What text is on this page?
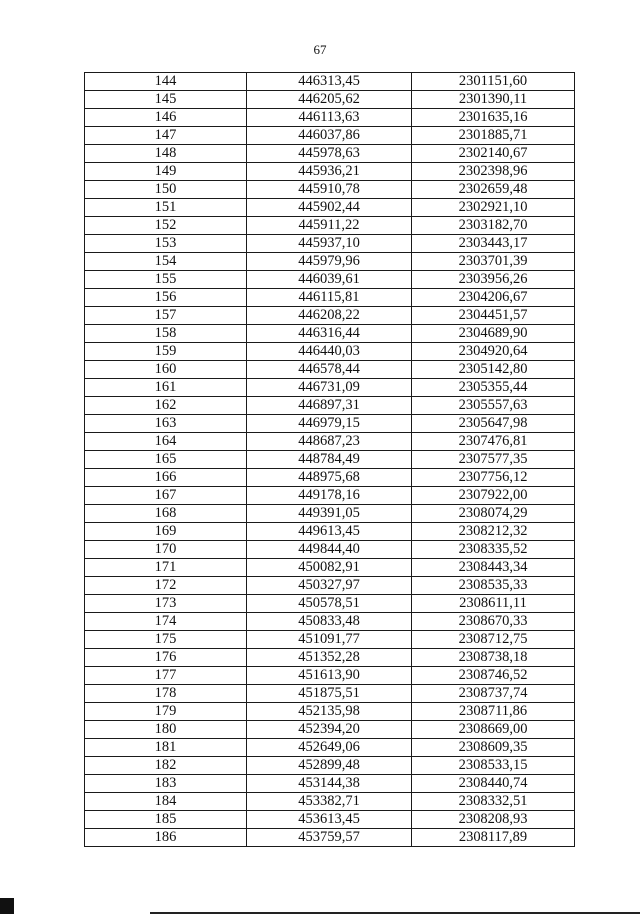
67
144	446313,45	2301151,60
145	446205,62	2301390,11
146	446113,63	2301635,16
147	446037,86	2301885,71
148	445978,63	2302140,67
149	445936,21	2302398,96
150	445910,78	2302659,48
151	445902,44	2302921,10
152	445911,22	2303182,70
153	445937,10	2303443,17
154	445979,96	2303701,39
155	446039,61	2303956,26
156	446115,81	2304206,67
157	446208,22	2304451,57
158	446316,44	2304689,90
159	446440,03	2304920,64
160	446578,44	2305142,80
161	446731,09	2305355,44
162	446897,31	2305557,63
163	446979,15	2305647,98
164	448687,23	2307476,81
165	448784,49	2307577,35
166	448975,68	2307756,12
167	449178,16	2307922,00
168	449391,05	2308074,29
169	449613,45	2308212,32
170	449844,40	2308335,52
171	450082,91	2308443,34
172	450327,97	2308535,33
173	450578,51	2308611,11
174	450833,48	2308670,33
175	451091,77	2308712,75
176	451352,28	2308738,18
177	451613,90	2308746,52
178	451875,51	2308737,74
179	452135,98	2308711,86
180	452394,20	2308669,00
181	452649,06	2308609,35
182	452899,48	2308533,15
183	453144,38	2308440,74
184	453382,71	2308332,51
185	453613,45	2308208,93
186	453759,57	2308117,89
